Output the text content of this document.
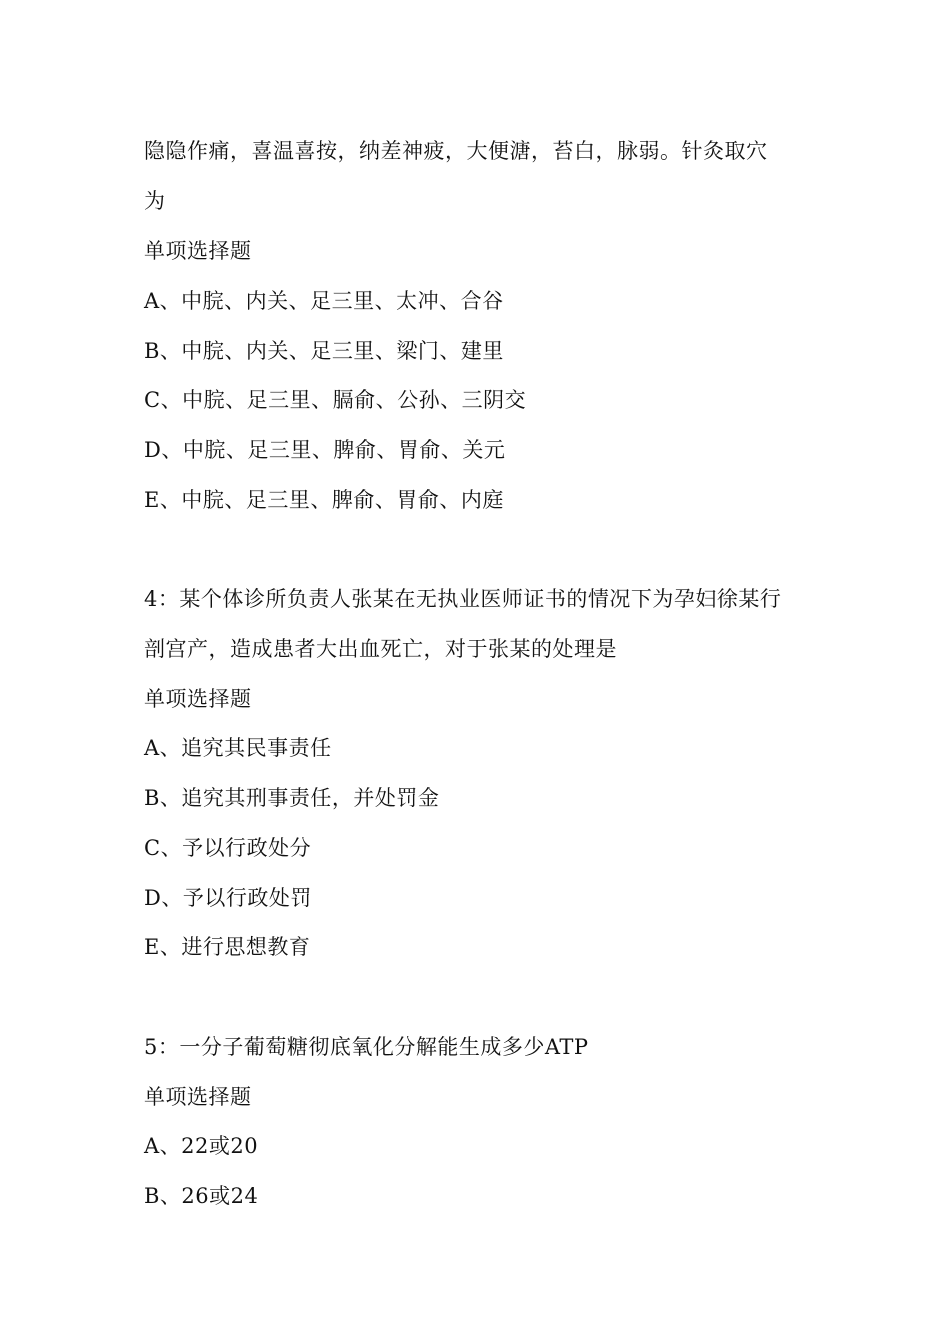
隐隐作痛，喜温喜按，纳差神疲，大便溏，苔白，脉弱。针灸取穴
为
单项选择题
A、中脘、内关、足三里、太冲、合谷
B、中脘、内关、足三里、梁门、建里
C、中脘、足三里、膈俞、公孙、三阴交
D、中脘、足三里、脾俞、胃俞、关元
E、中脘、足三里、脾俞、胃俞、内庭
4：某个体诊所负责人张某在无执业医师证书的情况下为孕妇徐某行
剖宫产，造成患者大出血死亡，对于张某的处理是
单项选择题
A、追究其民事责任
B、追究其刑事责任，并处罚金
C、予以行政处分
D、予以行政处罚
E、进行思想教育
5：一分子葡萄糖彻底氧化分解能生成多少ATP
单项选择题
A、22或20
B、26或24
